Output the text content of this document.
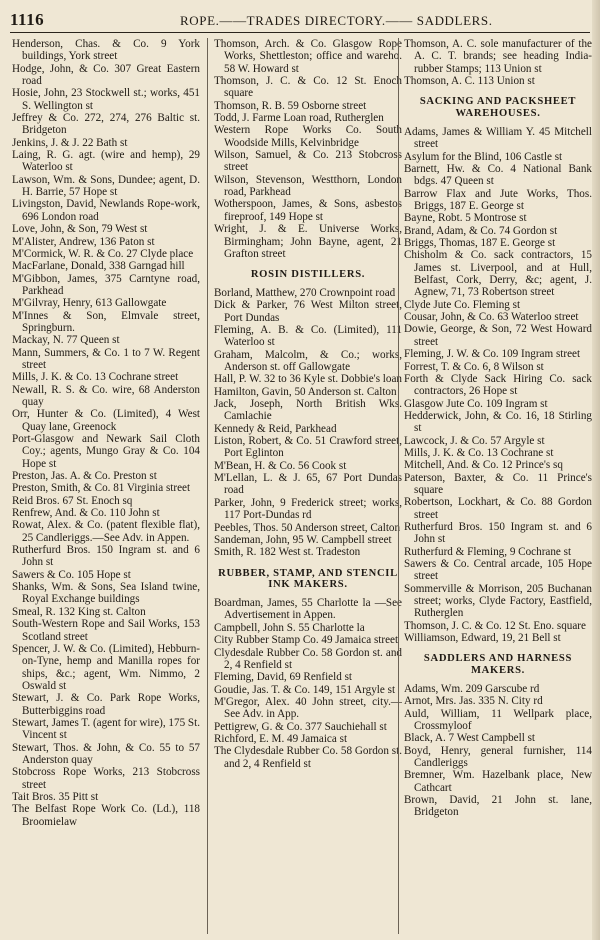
1116	ROPE.——TRADES DIRECTORY.—— SADDLERS.

Henderson, Chas. & Co. 9 York buildings, York street

Hodge, John, & Co. 307 Great Eastern road

Hosie, John, 23 Stockwell st.; works, 451 S. Wellington st

Jeffrey & Co. 272, 274, 276 Baltic st. Bridgeton

Jenkins, J. & J. 22 Bath st

Laing, R. G. agt. (wire and hemp), 29 Waterloo st

Lawson, Wm. & Sons, Dundee; agent, D. H. Barrie, 57 Hope st

Livingston, David, Newlands Rope-work, 696 London road

Love, John, & Son, 79 West st

M'Alister, Andrew, 136 Paton st

M'Cormick, W. R. & Co. 27 Clyde place

MacFarlane, Donald, 338 Garngad hill

M'Gibbon, James, 375 Carntyne road, Parkhead

M'Gilvray, Henry, 613 Gallowgate

M'Innes & Son, Elmvale street, Springburn.

Mackay, N. 77 Queen st

Mann, Summers, & Co. 1 to 7 W. Regent street

Mills, J. K. & Co. 13 Cochrane street

Newall, R. S. & Co. wire, 68 Anderston quay

Orr, Hunter & Co. (Limited), 4 West Quay lane, Greenock

Port-Glasgow and Newark Sail Cloth Coy.; agents, Mungo Gray & Co. 104 Hope st

Preston, Jas. A. & Co. Preston st

Preston, Smith, & Co. 81 Virginia street

Reid Bros. 67 St. Enoch sq

Renfrew, And. & Co. 110 John st

Rowat, Alex. & Co. (patent flexible flat), 25 Candleriggs.—See Adv. in Appen.

Rutherfurd Bros. 150 Ingram st. and 6 John st

Sawers & Co. 105 Hope st

Shanks, Wm. & Sons, Sea Island twine, Royal Exchange buildings

Smeal, R. 132 King st. Calton

South-Western Rope and Sail Works, 153 Scotland street

Spencer, J. W. & Co. (Limited), Hebburn-on-Tyne, hemp and Manilla ropes for ships, &c.; agent, Wm. Nimmo, 2 Oswald st

Stewart, J. & Co. Park Rope Works, Butterbiggins road

Stewart, James T. (agent for wire), 175 St. Vincent st

Stewart, Thos. & John, & Co. 55 to 57 Anderston quay

Stobcross Rope Works, 213 Stobcross street

Tait Bros. 35 Pitt st

The Belfast Rope Work Co. (Ld.), 118 Broomielaw

Thomson, Arch. & Co. Glasgow Rope Works, Shettleston; office and wareho. 58 W. Howard st

Thomson, J. C. & Co. 12 St. Enoch square

Thomson, R. B. 59 Osborne street

Todd, J. Farme Loan road, Rutherglen

Western Rope Works Co. South Woodside Mills, Kelvinbridge

Wilson, Samuel, & Co. 213 Stobcross street

Wilson, Stevenson, Westthorn, London road, Parkhead

Wotherspoon, James, & Sons, asbestos fireproof, 149 Hope st

Wright, J. & E. Universe Works, Birmingham; John Bayne, agent, 21 Grafton street

ROSIN DISTILLERS.

Borland, Matthew, 270 Crownpoint road

Dick & Parker, 76 West Milton street, Port Dundas

Fleming, A. B. & Co. (Limited), 111 Waterloo st

Graham, Malcolm, & Co.; works, Anderson st. off Gallowgate

Hall, P. W. 32 to 36 Kyle st. Dobbie's loan

Hamilton, Gavin, 50 Anderson st. Calton

Jack, Joseph, North British Wks. Camlachie

Kennedy & Reid, Parkhead

Liston, Robert, & Co. 51 Crawford street, Port Eglinton

M'Bean, H. & Co. 56 Cook st

M'Lellan, L. & J. 65, 67 Port Dundas road

Parker, John, 9 Frederick street; works, 117 Port-Dundas rd

Peebles, Thos. 50 Anderson street, Calton

Sandeman, John, 95 W. Campbell street

Smith, R. 182 West st. Tradeston

RUBBER, STAMP, AND STENCIL INK MAKERS.

Boardman, James, 55 Charlotte la —See Advertisement in Appen.

Campbell, John S. 55 Charlotte la

City Rubber Stamp Co. 49 Jamaica street

Clydesdale Rubber Co. 58 Gordon st. and 2, 4 Renfield st

Fleming, David, 69 Renfield st

Goudie, Jas. T. & Co. 149, 151 Argyle st

M'Gregor, Alex. 40 John street, city.—See Adv. in App.

Pettigrew, G. & Co. 377 Sauchiehall st

Richford, E. M. 49 Jamaica st

The Clydesdale Rubber Co. 58 Gordon st. and 2, 4 Renfield st

Thomson, A. C. sole manufacturer of the A. C. T. brands; see heading India-rubber Stamps; 113 Union st

Thomson, A. C. 113 Union st

SACKING AND PACKSHEET WAREHOUSES.

Adams, James & William Y. 45 Mitchell street

Asylum for the Blind, 106 Castle st

Barnett, Hw. & Co. 4 National Bank bdgs. 47 Queen st

Barrow Flax and Jute Works, Thos. Briggs, 187 E. George st

Bayne, Robt. 5 Montrose st

Brand, Adam, & Co. 74 Gordon st

Briggs, Thomas, 187 E. George st

Chisholm & Co. sack contractors, 15 James st. Liverpool, and at Hull, Belfast, Cork, Derry, &c; agent, J. Agnew, 71, 73 Robertson street

Clyde Jute Co. Fleming st

Cousar, John, & Co. 63 Waterloo street

Dowie, George, & Son, 72 West Howard street

Fleming, J. W. & Co. 109 Ingram street

Forrest, T. & Co. 6, 8 Wilson st

Forth & Clyde Sack Hiring Co. sack contractors, 26 Hope st

Glasgow Jute Co. 109 Ingram st

Hedderwick, John, & Co. 16, 18 Stirling st

Lawcock, J. & Co. 57 Argyle st

Mills, J. K. & Co. 13 Cochrane st

Mitchell, And. & Co. 12 Prince's sq

Paterson, Baxter, & Co. 11 Prince's square

Robertson, Lockhart, & Co. 88 Gordon street

Rutherfurd Bros. 150 Ingram st. and 6 John st

Rutherfurd & Fleming, 9 Cochrane st

Sawers & Co. Central arcade, 105 Hope street

Sommerville & Morrison, 205 Buchanan street; works, Clyde Factory, Eastfield, Rutherglen

Thomson, J. C. & Co. 12 St. Eno. square

Williamson, Edward, 19, 21 Bell st

SADDLERS AND HARNESS MAKERS.

Adams, Wm. 209 Garscube rd

Arnot, Mrs. Jas. 335 N. City rd

Auld, William, 11 Wellpark place, Crossmyloof

Black, A. 7 West Campbell st

Boyd, Henry, general furnisher, 114 Candleriggs

Bremner, Wm. Hazelbank place, New Cathcart

Brown, David, 21 John st. lane, Bridgeton
